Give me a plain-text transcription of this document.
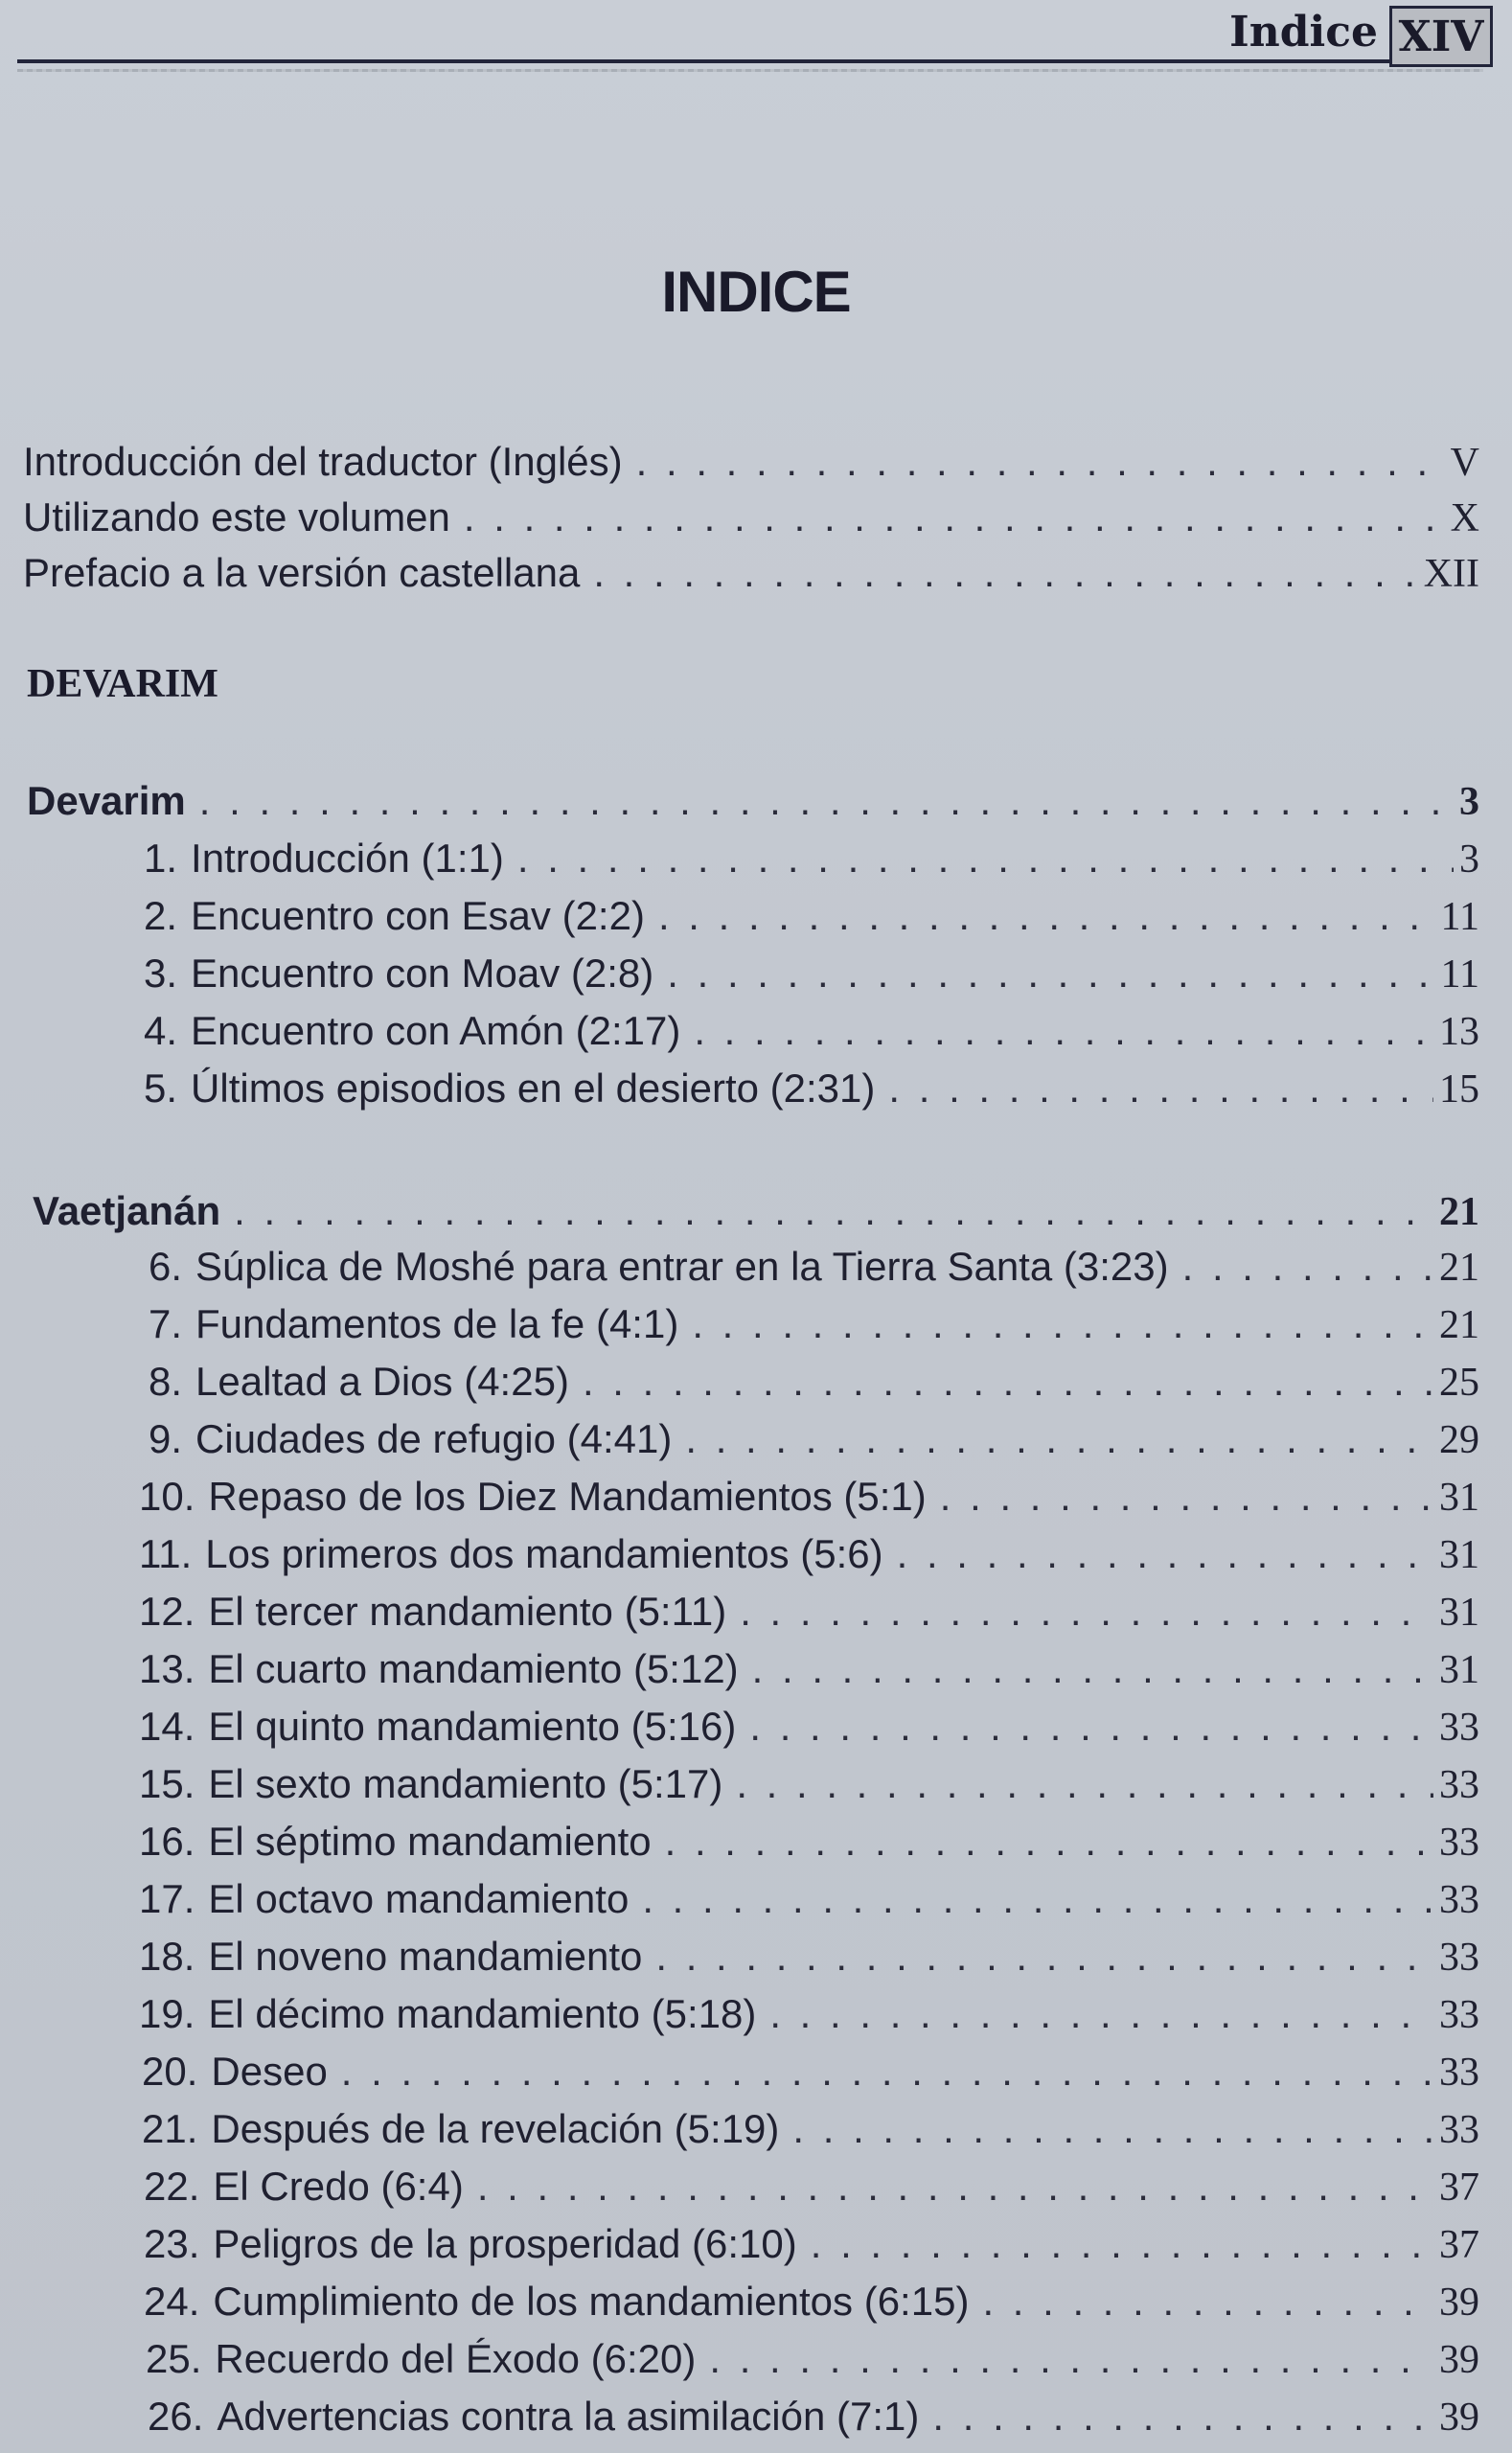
Indice XIV
INDICE
Introducción del traductor (Inglés) . . .	V
Utilizando este volumen . . .	X
Prefacio a la versión castellana . . .	XII
DEVARIM
Devarim . . .	3
1. Introducción (1:1) . . .	3
2. Encuentro con Esav (2:2) . . .	11
3. Encuentro con Moav (2:8) . . .	11
4. Encuentro con Amón (2:17) . . .	13
5. Últimos episodios en el desierto (2:31) . . .	15
Vaetjanán . . .	21
6. Súplica de Moshé para entrar en la Tierra Santa (3:23) . . .	21
7. Fundamentos de la fe (4:1) . . .	21
8. Lealtad a Dios (4:25) . . .	25
9. Ciudades de refugio (4:41) . . .	29
10. Repaso de los Diez Mandamientos (5:1) . . .	31
11. Los primeros dos mandamientos (5:6) . . .	31
12. El tercer mandamiento (5:11) . . .	31
13. El cuarto mandamiento (5:12) . . .	31
14. El quinto mandamiento (5:16) . . .	33
15. El sexto mandamiento (5:17) . . .	33
16. El séptimo mandamiento . . .	33
17. El octavo mandamiento . . .	33
18. El noveno mandamiento . . .	33
19. El décimo mandamiento (5:18) . . .	33
20. Deseo . . .	33
21. Después de la revelación (5:19) . . .	33
22. El Credo (6:4) . . .	37
23. Peligros de la prosperidad (6:10) . . .	37
24. Cumplimiento de los mandamientos (6:15) . . .	39
25. Recuerdo del Éxodo (6:20) . . .	39
26. Advertencias contra la asimilación (7:1) . . .	39
